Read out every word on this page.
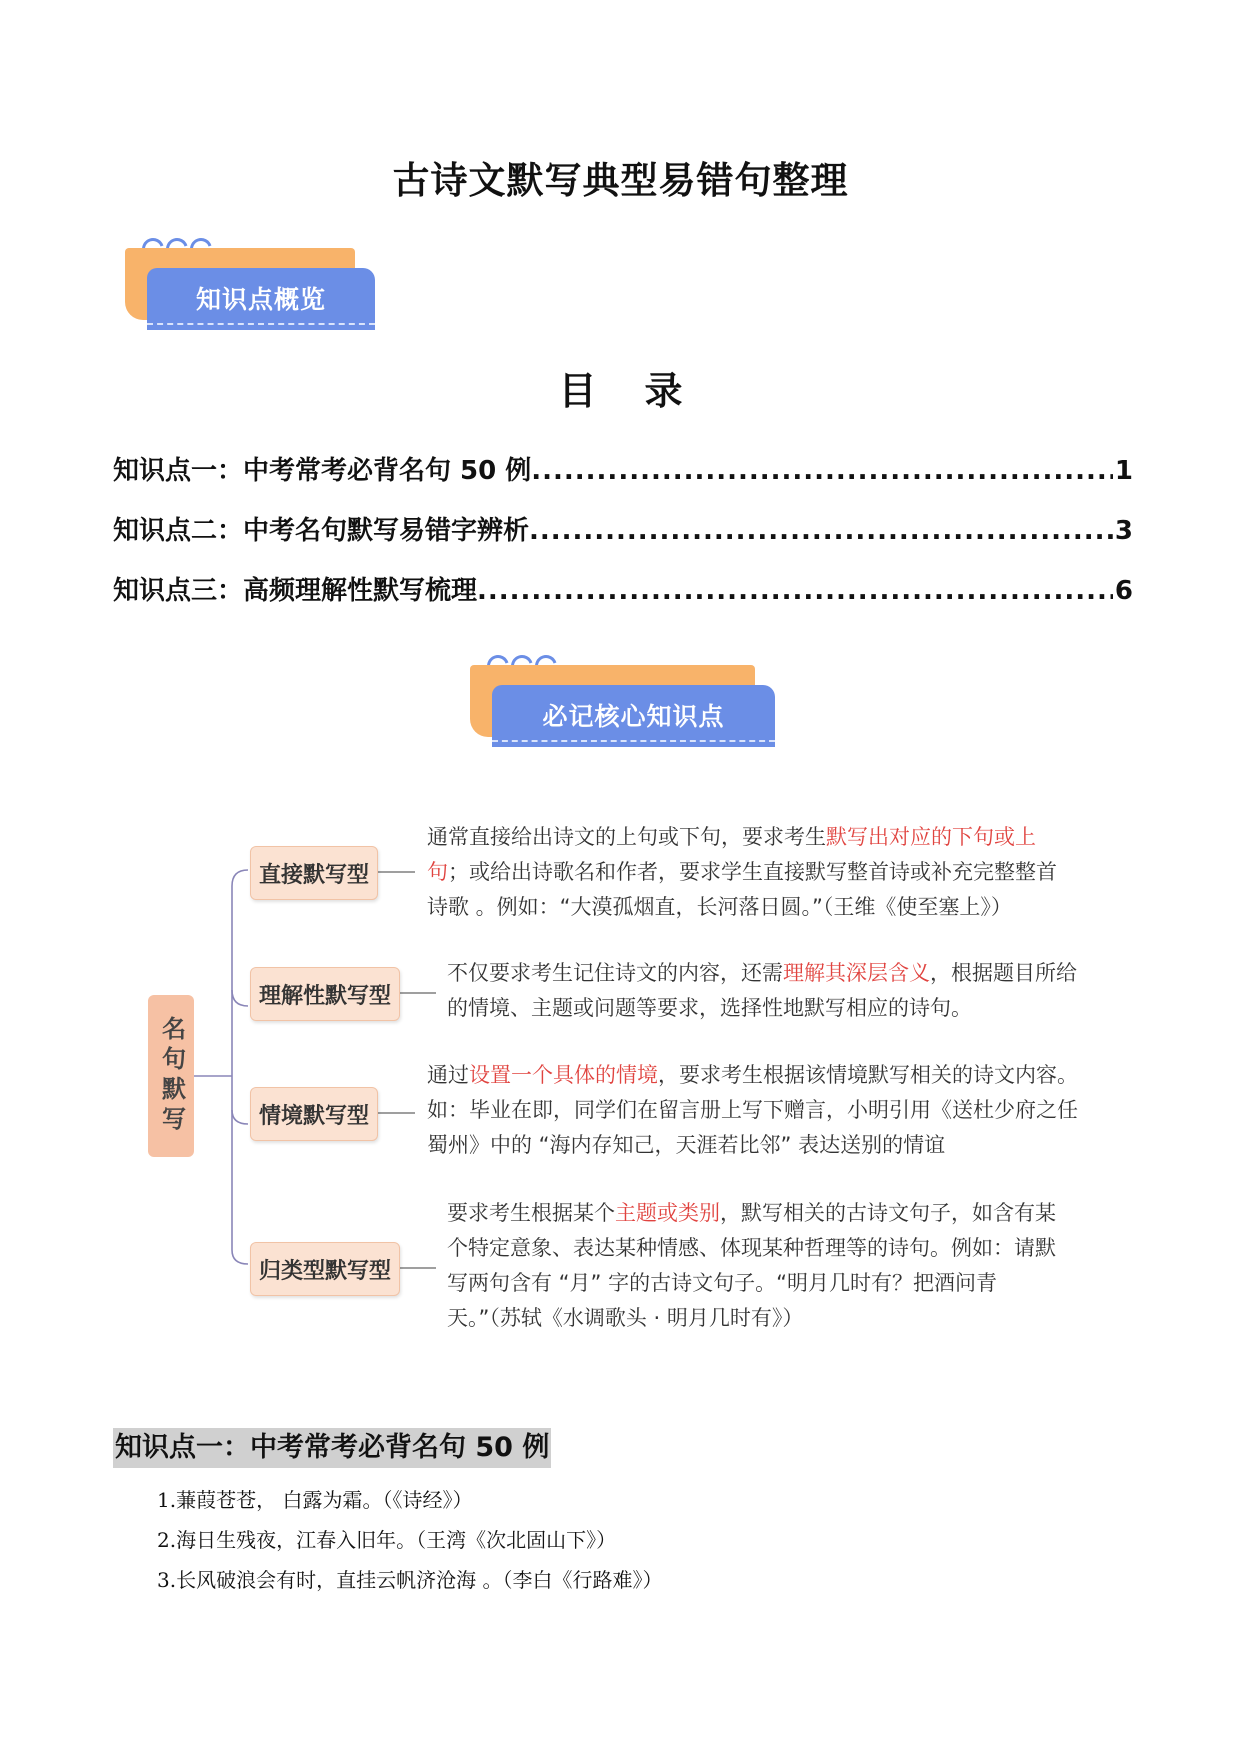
古诗文默写典型易错句整理
知识点概览
目录
知识点一：中考常考必背名句 50 例 .....	1
知识点二：中考名句默写易错字辨析 .....	3
知识点三：高频理解性默写梳理 .....	6
必记核心知识点
名句默写
直接默写型
理解性默写型
情境默写型
归类型默写型
通常直接给出诗文的上句或下句，要求考生默写出对应的下句或上
句；或给出诗歌名和作者，要求学生直接默写整首诗或补充完整整首
诗歌 。例如：“大漠孤烟直，长河落日圆。”（王维《使至塞上》）
不仅要求考生记住诗文的内容，还需理解其深层含义，根据题目所给
的情境、主题或问题等要求，选择性地默写相应的诗句。
通过设置一个具体的情境，要求考生根据该情境默写相关的诗文内容。
如：毕业在即，同学们在留言册上写下赠言，小明引用《送杜少府之任
蜀州》中的 “海内存知己，天涯若比邻” 表达送别的情谊
要求考生根据某个主题或类别，默写相关的古诗文句子，如含有某
个特定意象、表达某种情感、体现某种哲理等的诗句。例如：请默
写两句含有 “月” 字的古诗文句子。“明月几时有？把酒问青
天。”（苏轼《水调歌头 · 明月几时有》）
知识点一：中考常考必背名句 50 例
1.蒹葭苍苍， 白露为霜。（《诗经》）
2.海日生残夜，江春入旧年。（王湾《次北固山下》）
3.长风破浪会有时，直挂云帆济沧海 。（李白《行路难》）
